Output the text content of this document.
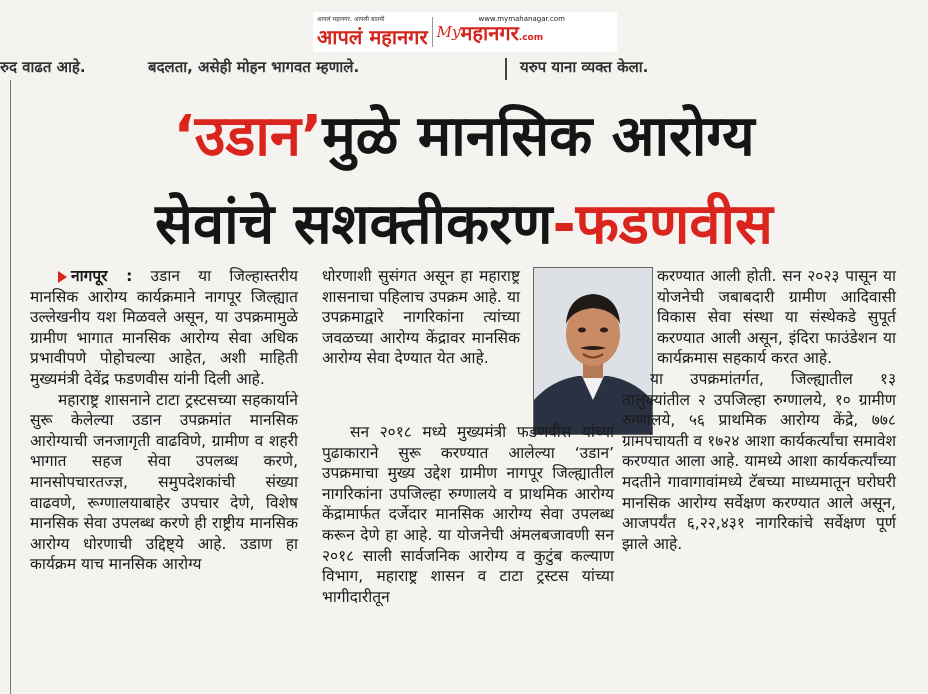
आपलं महानगर. आपली बातमी
आपलं महानगर My
www.mymahanagar.com
महानगर.com
रुद वाढत आहे.	बदलता, असेही मोहन भागवत म्हणाले.	यरुप याना व्यक्त केला.
‘उडान’मुळे मानसिक आरोग्य
सेवांचे सशक्तीकरण-फडणवीस

नागपूर : उडान या जिल्हास्तरीय मानसिक आरोग्य कार्यक्रमाने नागपूर जिल्ह्यात उल्लेखनीय यश मिळवले असून, या उपक्रमामुळे ग्रामीण भागात मानसिक आरोग्य सेवा अधिक प्रभावीपणे पोहोचल्या आहेत, अशी माहिती मुख्यमंत्री देवेंद्र फडणवीस यांनी दिली आहे.

महाराष्ट्र शासनाने टाटा ट्रस्टसच्या सहकार्याने सुरू केलेल्या उडान उपक्रमांत मानसिक आरोग्याची जनजागृती वाढविणे, ग्रामीण व शहरी भागात सहज सेवा उपलब्ध करणे, मानसोपचारतज्ज्ञ, समुपदेशकांची संख्या वाढवणे, रूग्णालयाबाहेर उपचार देणे, विशेष मानसिक सेवा उपलब्ध करणे ही राष्ट्रीय मानसिक आरोग्य धोरणाची उद्दिष्ट्ये आहे. उडाण हा कार्यक्रम याच मानसिक आरोग्य

धोरणाशी सुसंगत असून हा महाराष्ट्र शासनाचा पहिलाच उपक्रम आहे. या उपक्रमाद्वारे नागरिकांना त्यांच्या जवळच्या आरोग्य केंद्रावर मानसिक आरोग्य सेवा देण्यात येत आहे.

सन २०१८ मध्ये मुख्यमंत्री फडणवीस यांच्या पुढाकाराने सुरू करण्यात आलेल्या ‘उडान’ उपक्रमाचा मुख्य उद्देश ग्रामीण नागपूर जिल्ह्यातील नागरिकांना उपजिल्हा रुग्णालये व प्राथमिक आरोग्य केंद्रामार्फत दर्जेदार मानसिक आरोग्य सेवा उपलब्ध करून देणे हा आहे. या योजनेची अंमलबजावणी सन २०१८ साली सार्वजनिक आरोग्य व कुटुंब कल्याण विभाग, महाराष्ट्र शासन व टाटा ट्रस्टस यांच्या भागीदारीतून

करण्यात आली होती. सन २०२३ पासून या योजनेची जबाबदारी ग्रामीण आदिवासी विकास सेवा संस्था या संस्थेकडे सुपूर्त करण्यात आली असून, इंदिरा फाउंडेशन या कार्यक्रमास सहकार्य करत आहे.

या उपक्रमांतर्गत, जिल्ह्यातील १३ तालुक्यांतील २ उपजिल्हा रुग्णालये, १० ग्रामीण रुग्णालये, ५६ प्राथमिक आरोग्य केंद्रे, ७७८ ग्रामपंचायती व १७२४ आशा कार्यकर्त्यांचा समावेश करण्यात आला आहे. यामध्ये आशा कार्यकर्त्यांच्या मदतीने गावागावांमध्ये टॅबच्या माध्यमातून घरोघरी मानसिक आरोग्य सर्वेक्षण करण्यात आले असून, आजपर्यंत ६,२२,४३१ नागरिकांचे सर्वेक्षण पूर्ण झाले आहे.
